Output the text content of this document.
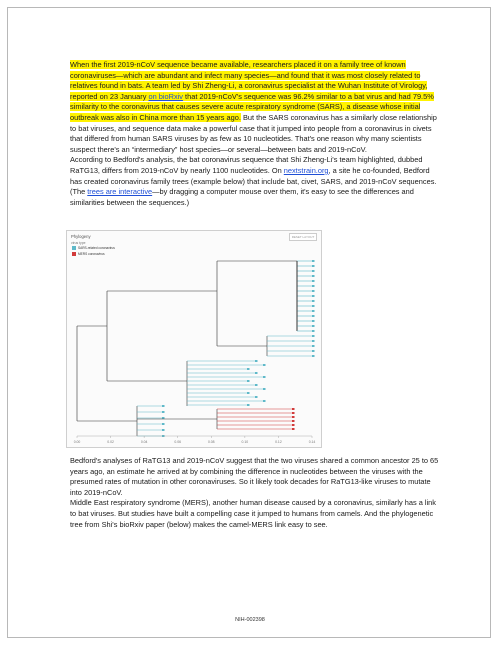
When the first 2019-nCoV sequence became available, researchers placed it on a family tree of known coronaviruses—which are abundant and infect many species—and found that it was most closely related to relatives found in bats. A team led by Shi Zheng-Li, a coronavirus specialist at the Wuhan Institute of Virology, reported on 23 January on bioRxiv that 2019-nCoV's sequence was 96.2% similar to a bat virus and had 79.5% similarity to the coronavirus that causes severe acute respiratory syndrome (SARS), a disease whose initial outbreak was also in China more than 15 years ago. But the SARS coronavirus has a similarly close relationship to bat viruses, and sequence data make a powerful case that it jumped into people from a coronavirus in civets that differed from human SARS viruses by as few as 10 nucleotides. That's one reason why many scientists suspect there's an “intermediary” host species—or several—between bats and 2019-nCoV.

According to Bedford's analysis, the bat coronavirus sequence that Shi Zheng-Li's team highlighted, dubbed RaTG13, differs from 2019-nCoV by nearly 1100 nucleotides. On nextstrain.org, a site he co-founded, Bedford has created coronavirus family trees (example below) that include bat, civet, SARS, and 2019-nCoV sequences. (The trees are interactive—by dragging a computer mouse over them, it's easy to see the differences and similarities between the sequences.)

Phylogeny
virus type
RESET LAYOUT
SARS-related coronavirus
MERS coronavirus
0.00	0.02	0.04	0.06	0.08	0.10	0.12	0.14

Bedford's analyses of RaTG13 and 2019-nCoV suggest that the two viruses shared a common ancestor 25 to 65 years ago, an estimate he arrived at by combining the difference in nucleotides between the viruses with the presumed rates of mutation in other coronaviruses. So it likely took decades for RaTG13-like viruses to mutate into 2019-nCoV.

Middle East respiratory syndrome (MERS), another human disease caused by a coronavirus, similarly has a link to bat viruses. But studies have built a compelling case it jumped to humans from camels. And the phylogenetic tree from Shi's bioRxiv paper (below) makes the camel-MERS link easy to see.

NIH-002398
